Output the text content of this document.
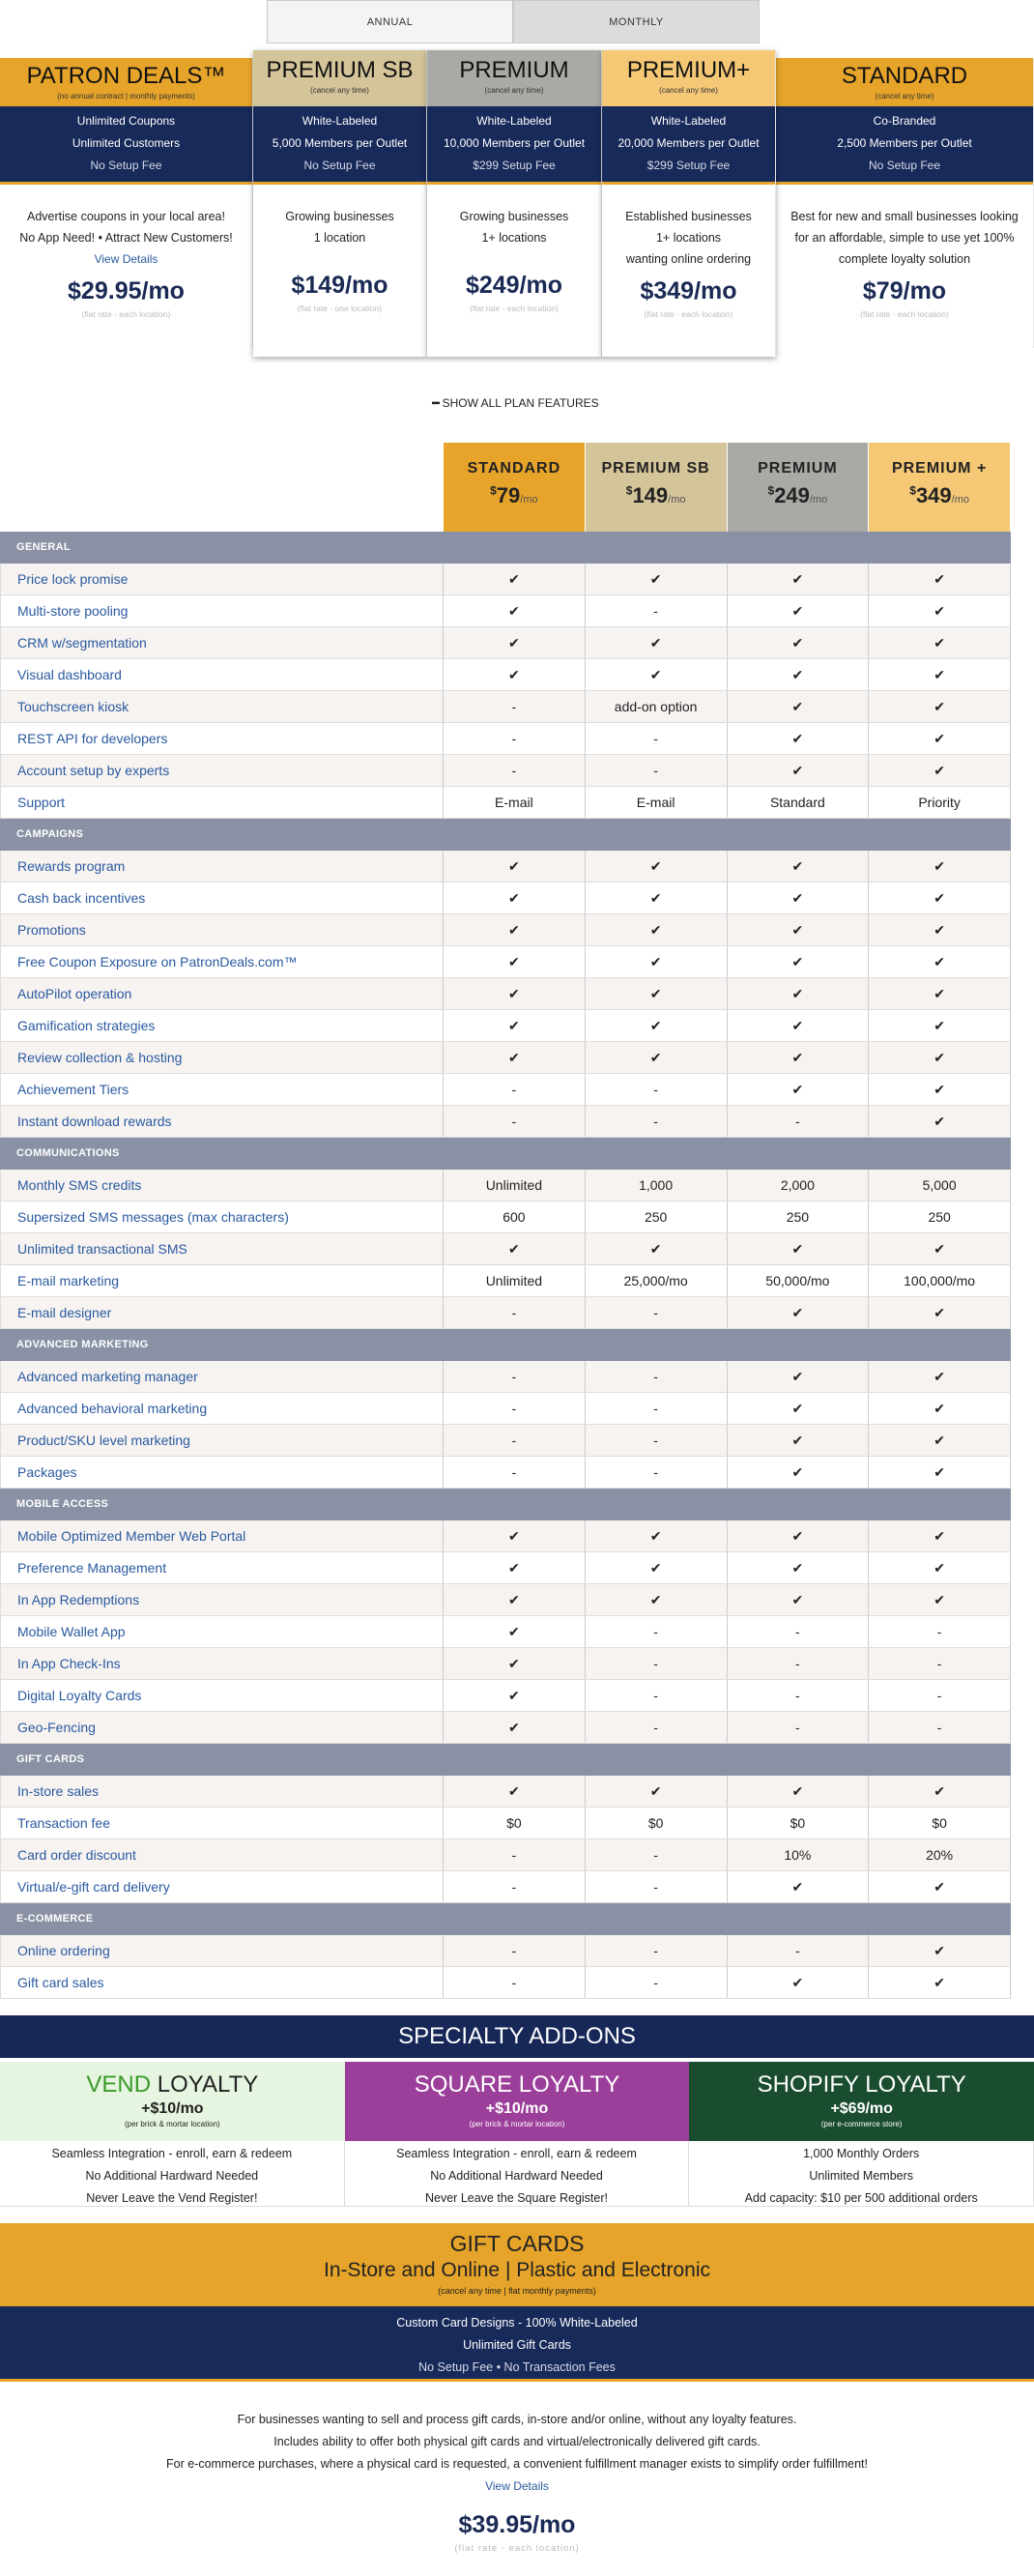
ANNUAL	MONTHLY
PATRON DEALS™
(no annual contract | monthly payments)
Unlimited Coupons
Unlimited Customers
No Setup Fee
Advertise coupons in your local area!
No App Need! • Attract New Customers!
View Details
$29.95/mo
(flat rate - each location)
PREMIUM SB
(cancel any time)
White-Labeled
5,000 Members per Outlet
No Setup Fee
Growing businesses
1 location
$149/mo
(flat rate - one location)
PREMIUM
(cancel any time)
White-Labeled
10,000 Members per Outlet
$299 Setup Fee
Growing businesses
1+ locations
$249/mo
(flat rate - each location)
PREMIUM+
(cancel any time)
White-Labeled
20,000 Members per Outlet
$299 Setup Fee
Established businesses
1+ locations
wanting online ordering
$349/mo
(flat rate - each location)
STANDARD
(cancel any time)
Co-Branded
2,500 Members per Outlet
No Setup Fee
Best for new and small businesses looking
for an affordable, simple to use yet 100%
complete loyalty solution
$79/mo
(flat rate - each location)
━ SHOW ALL PLAN FEATURES
STANDARD
$79/mo
PREMIUM SB
$149/mo
PREMIUM
$249/mo
PREMIUM +
$349/mo
GENERAL
Price lock promise	✔	✔	✔	✔
Multi-store pooling	✔	-	✔	✔
CRM w/segmentation	✔	✔	✔	✔
Visual dashboard	✔	✔	✔	✔
Touchscreen kiosk	-	add-on option	✔	✔
REST API for developers	-	-	✔	✔
Account setup by experts	-	-	✔	✔
Support	E-mail	E-mail	Standard	Priority
CAMPAIGNS
Rewards program	✔	✔	✔	✔
Cash back incentives	✔	✔	✔	✔
Promotions	✔	✔	✔	✔
Free Coupon Exposure on PatronDeals.com™	✔	✔	✔	✔
AutoPilot operation	✔	✔	✔	✔
Gamification strategies	✔	✔	✔	✔
Review collection & hosting	✔	✔	✔	✔
Achievement Tiers	-	-	✔	✔
Instant download rewards	-	-	-	✔
COMMUNICATIONS
Monthly SMS credits	Unlimited	1,000	2,000	5,000
Supersized SMS messages (max characters)	600	250	250	250
Unlimited transactional SMS	✔	✔	✔	✔
E-mail marketing	Unlimited	25,000/mo	50,000/mo	100,000/mo
E-mail designer	-	-	✔	✔
ADVANCED MARKETING
Advanced marketing manager	-	-	✔	✔
Advanced behavioral marketing	-	-	✔	✔
Product/SKU level marketing	-	-	✔	✔
Packages	-	-	✔	✔
MOBILE ACCESS
Mobile Optimized Member Web Portal	✔	✔	✔	✔
Preference Management	✔	✔	✔	✔
In App Redemptions	✔	✔	✔	✔
Mobile Wallet App	✔	-	-	-
In App Check-Ins	✔	-	-	-
Digital Loyalty Cards	✔	-	-	-
Geo-Fencing	✔	-	-	-
GIFT CARDS
In-store sales	✔	✔	✔	✔
Transaction fee	$0	$0	$0	$0
Card order discount	-	-	10%	20%
Virtual/e-gift card delivery	-	-	✔	✔
E-COMMERCE
Online ordering	-	-	-	✔
Gift card sales	-	-	✔	✔
SPECIALTY ADD-ONS
VEND LOYALTY
+$10/mo
(per brick & mortar location)
Seamless Integration - enroll, earn & redeem
No Additional Hardward Needed
Never Leave the Vend Register!
SQUARE LOYALTY
+$10/mo
(per brick & mortar location)
Seamless Integration - enroll, earn & redeem
No Additional Hardward Needed
Never Leave the Square Register!
SHOPIFY LOYALTY
+$69/mo
(per e-commerce store)
1,000 Monthly Orders
Unlimited Members
Add capacity: $10 per 500 additional orders
GIFT CARDS
In-Store and Online | Plastic and Electronic
(cancel any time | flat monthly payments)
Custom Card Designs - 100% White-Labeled
Unlimited Gift Cards
No Setup Fee • No Transaction Fees
For businesses wanting to sell and process gift cards, in-store and/or online, without any loyalty features.
Includes ability to offer both physical gift cards and virtual/electronically delivered gift cards.
For e-commerce purchases, where a physical card is requested, a convenient fulfillment manager exists to simplify order fulfillment!
View Details
$39.95/mo
(flat rate - each location)
